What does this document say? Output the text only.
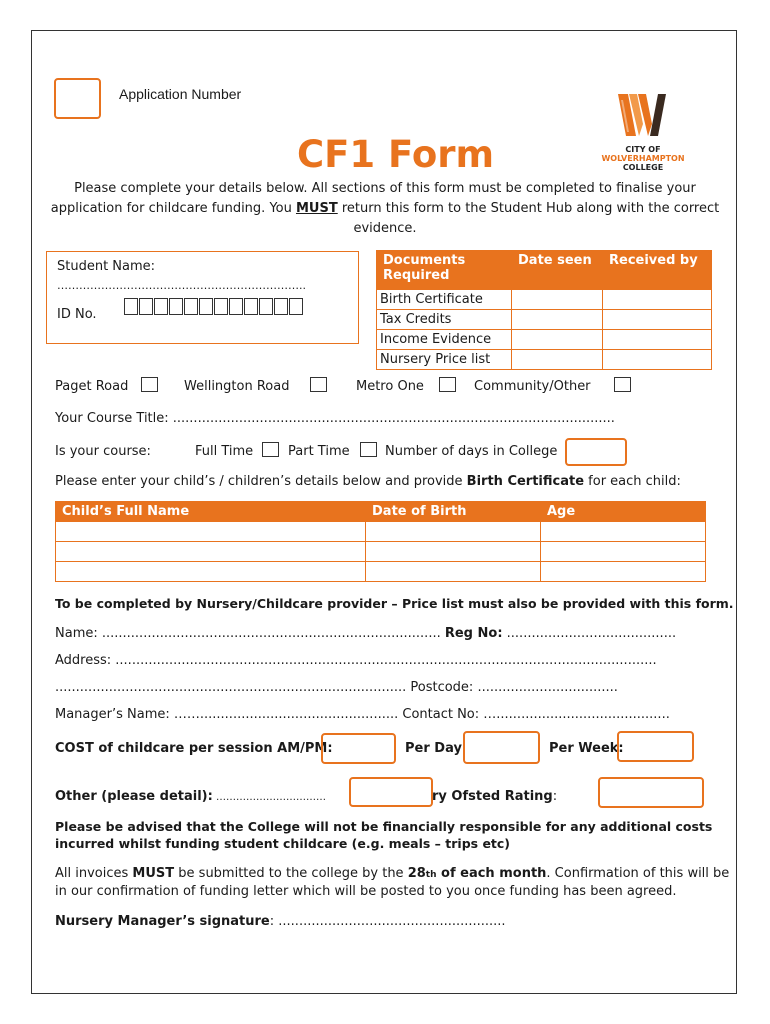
Application Number
CF1 Form	CITY OF
WOLVERHAMPTON
COLLEGE
Please complete your details below. All sections of this form must be completed to finalise your
application for childcare funding. You MUST return this form to the Student Hub along with the correct
evidence.
Student Name:
…………………………………………………………..
ID No.
Documents Required	Date seen	Received by
Birth Certificate		
Tax Credits		
Income Evidence		
Nursery Price list		
Paget Road	Wellington Road	Metro One	Community/Other
Your Course Title: ...........................................................................................................
Is your course:	Full Time	Part Time	Number of days in College
Please enter your child’s / children’s details below and provide Birth Certificate for each child:
Child’s Full Name	Date of Birth	Age

To be completed by Nursery/Childcare provider – Price list must also be provided with this form.
Name: .................................................................................. Reg No: .........................................
Address: ...................................................................................................................................
..................................................................................... Postcode: ..................................
Manager’s Name: ……................................................ Contact No: …..........................................
COST of childcare per session AM/PM:	Per Day:	Per Week:
Other (please detail): ……………………………	ry Ofsted Rating:
Please be advised that the College will not be financially responsible for any additional costs
incurred whilst funding student childcare (e.g. meals – trips etc)
All invoices MUST be submitted to the college by the 28th of each month. Confirmation of this will be
in our confirmation of funding letter which will be posted to you once funding has been agreed.
Nursery Manager’s signature: .......................................................
